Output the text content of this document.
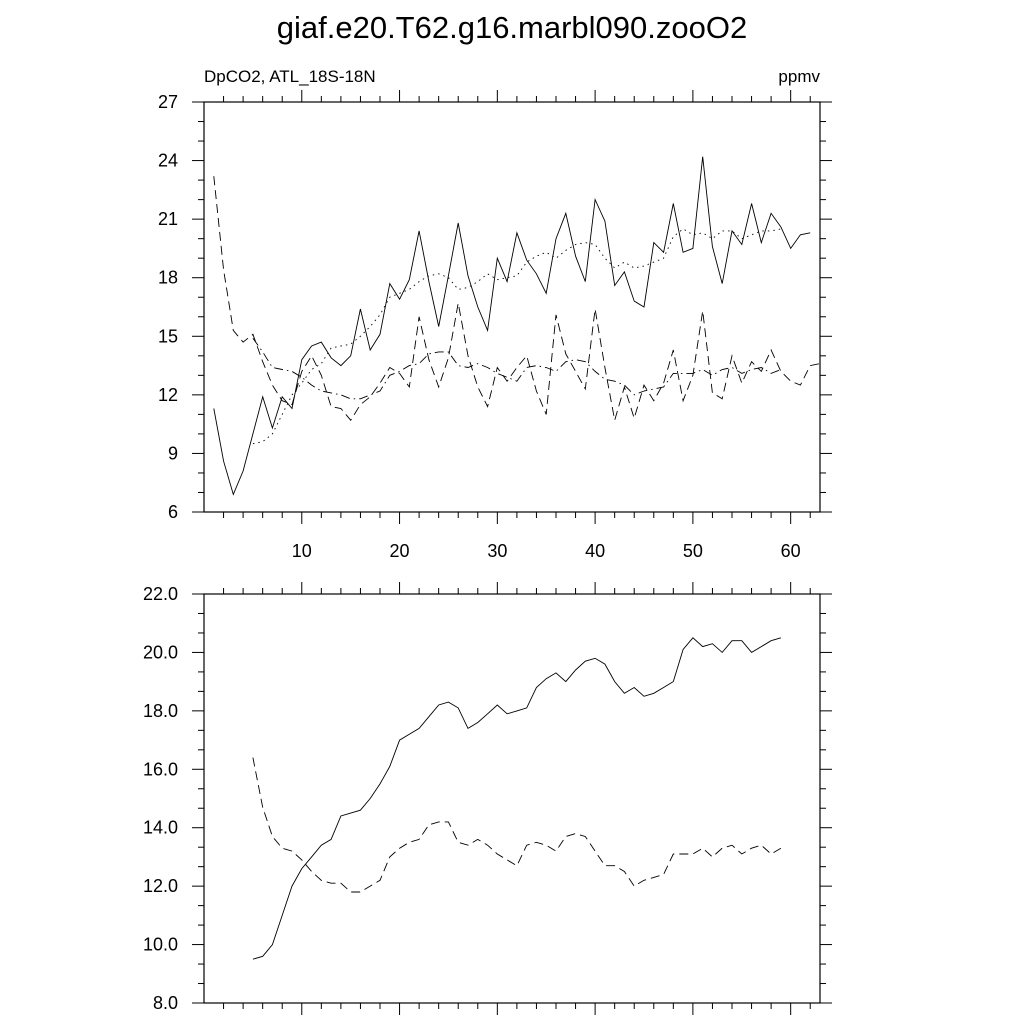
giaf.e20.T62.g16.marbl090.zooO2
DpCO2, ATL_18S-18N	ppmv
6
9
12
15
18
21
24
27
10	20	30	40	50	60
8.0
10.0
12.0
14.0
16.0
18.0
20.0
22.0
